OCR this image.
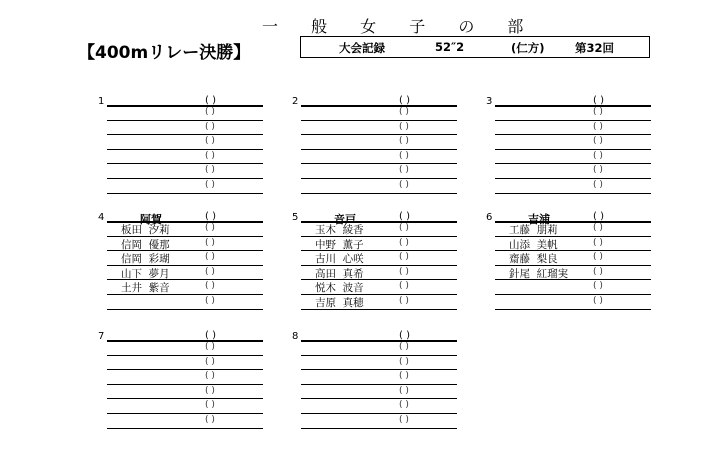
一 般 女 子 の 部
【400mリレー決勝】	大会記録	52″2	(仁方)	第32回
1	( )
( )
( )
( )
( )
( )
( )
2	( )
( )
( )
( )
( )
( )
( )
3	( )
( )
( )
( )
( )
( )
( )
4	阿賀	( )
板田  汐莉	( )
信岡  優那	( )
信岡  彩瑚	( )
山下  夢月	( )
土井  紫音	( )
( )
5	音戸	( )
玉木  綾香	( )
中野  薫子	( )
古川  心咲	( )
高田  真希	( )
悦木  波音	( )
吉原  真穂	( )
6	吉浦	( )
工藤  朋莉	( )
山添  美帆	( )
齋藤  梨良	( )
針尾  紅瑠実	( )
( )
( )
7	( )
( )
( )
( )
( )
( )
( )
8	( )
( )
( )
( )
( )
( )
( )
